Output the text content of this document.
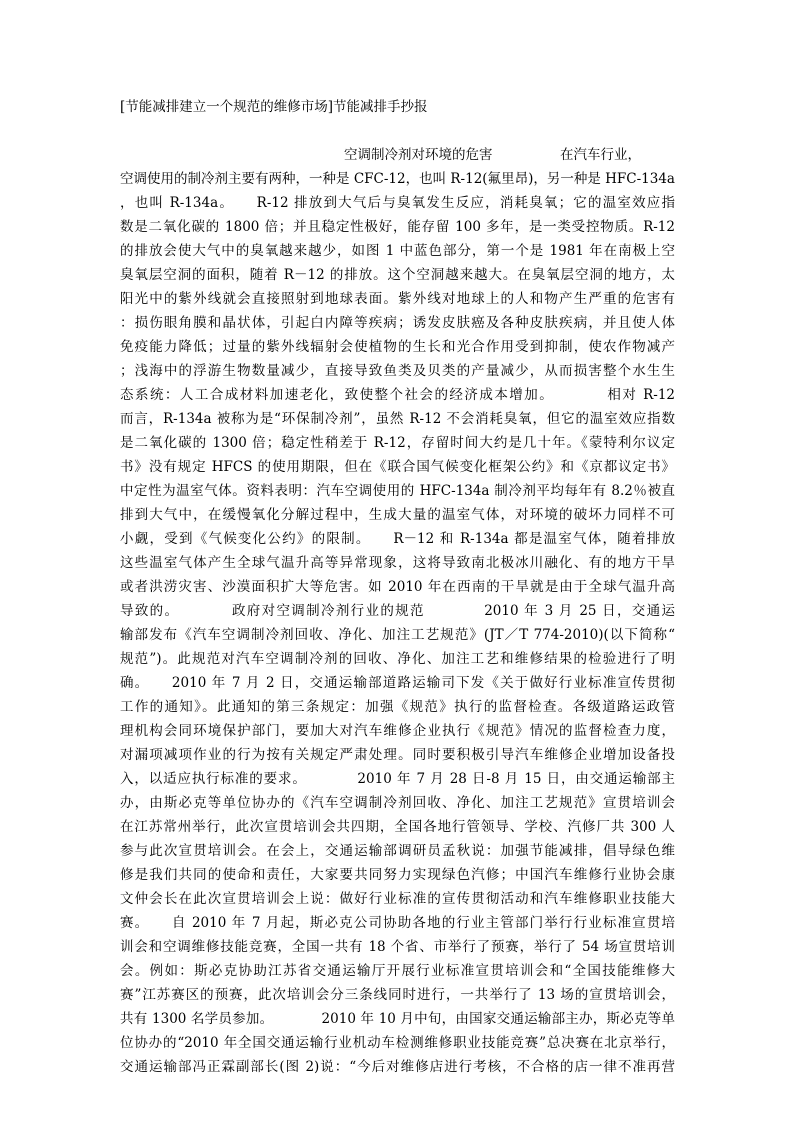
[节能减排建立一个规范的维修市场]节能减排手抄报
空调制冷剂对环境的危害　　　　　在汽车行业，
空调使用的制冷剂主要有两种，一种是 CFC-12，也叫 R-12(氟里昂)，另一种是 HFC-134a
，也叫 R-134a。　　R-12 排放到大气后与臭氧发生反应，消耗臭氧；它的温室效应指
数是二氧化碳的 1800 倍；并且稳定性极好，能存留 100 多年，是一类受控物质。R-12
的排放会使大气中的臭氧越来越少，如图 1 中蓝色部分，第一个是 1981 年在南极上空
臭氧层空洞的面积，随着 R－12 的排放。这个空洞越来越大。在臭氧层空洞的地方，太
阳光中的紫外线就会直接照射到地球表面。紫外线对地球上的人和物产生严重的危害有
：损伤眼角膜和晶状体，引起白内障等疾病；诱发皮肤癌及各种皮肤疾病，并且使人体
免疫能力降低；过量的紫外线辐射会使植物的生长和光合作用受到抑制，使农作物减产
；浅海中的浮游生物数量减少，直接导致鱼类及贝类的产量减少，从而损害整个水生生
态系统：人工合成材料加速老化，致使整个社会的经济成本增加。　　　　相对 R-12
而言，R-134a 被称为是“环保制冷剂”，虽然 R-12 不会消耗臭氧，但它的温室效应指数
是二氧化碳的 1300 倍；稳定性稍差于 R-12，存留时间大约是几十年。《蒙特利尔议定
书》没有规定 HFCS 的使用期限，但在《联合国气候变化框架公约》和《京都议定书》
中定性为温室气体。资料表明：汽车空调使用的 HFC-134a 制冷剂平均每年有 8.2％被直
排到大气中，在缓慢氧化分解过程中，生成大量的温室气体，对环境的破坏力同样不可
小觑，受到《气候变化公约》的限制。　　R－12 和 R-134a 都是温室气体，随着排放
这些温室气体产生全球气温升高等异常现象，这将导致南北极冰川融化、有的地方干旱
或者洪涝灾害、沙漠面积扩大等危害。如 2010 年在西南的干旱就是由于全球气温升高
导致的。　　　　政府对空调制冷剂行业的规范　　　　2010 年 3 月 25 日，交通运
输部发布《汽车空调制冷剂回收、净化、加注工艺规范》(JT／T 774-2010)(以下简称“
规范”)。此规范对汽车空调制冷剂的回收、净化、加注工艺和维修结果的检验进行了明
确。　　2010 年 7 月 2 日，交通运输部道路运输司下发《关于做好行业标准宣传贯彻
工作的通知》。此通知的第三条规定：加强《规范》执行的监督检查。各级道路运政管
理机构会同环境保护部门，要加大对汽车维修企业执行《规范》情况的监督检查力度，
对漏项减项作业的行为按有关规定严肃处理。同时要积极引导汽车维修企业增加设备投
入，以适应执行标准的要求。　　　　2010 年 7 月 28 日-8 月 15 日，由交通运输部主
办，由斯必克等单位协办的《汽车空调制冷剂回收、净化、加注工艺规范》宣贯培训会
在江苏常州举行，此次宣贯培训会共四期，全国各地行管领导、学校、汽修厂共 300 人
参与此次宣贯培训会。在会上，交通运输部调研员孟秋说：加强节能减排，倡导绿色维
修是我们共同的使命和责任，大家要共同努力实现绿色汽修；中国汽车维修行业协会康
文仲会长在此次宣贯培训会上说：做好行业标准的宣传贯彻活动和汽车维修职业技能大
赛。　　自 2010 年 7 月起，斯必克公司协助各地的行业主管部门举行行业标准宣贯培
训会和空调维修技能竞赛，全国一共有 18 个省、市举行了预赛，举行了 54 场宣贯培训
会。例如：斯必克协助江苏省交通运输厅开展行业标准宣贯培训会和“全国技能维修大
赛”江苏赛区的预赛，此次培训会分三条线同时进行，一共举行了 13 场的宣贯培训会，
共有 1300 名学员参加。　　　　2010 年 10 月中旬，由国家交通运输部主办，斯必克等单
位协办的“2010 年全国交通运输行业机动车检测维修职业技能竞赛”总决赛在北京举行，
交通运输部冯正霖副部长(图 2)说：“今后对维修店进行考核，不合格的店一律不准再营
